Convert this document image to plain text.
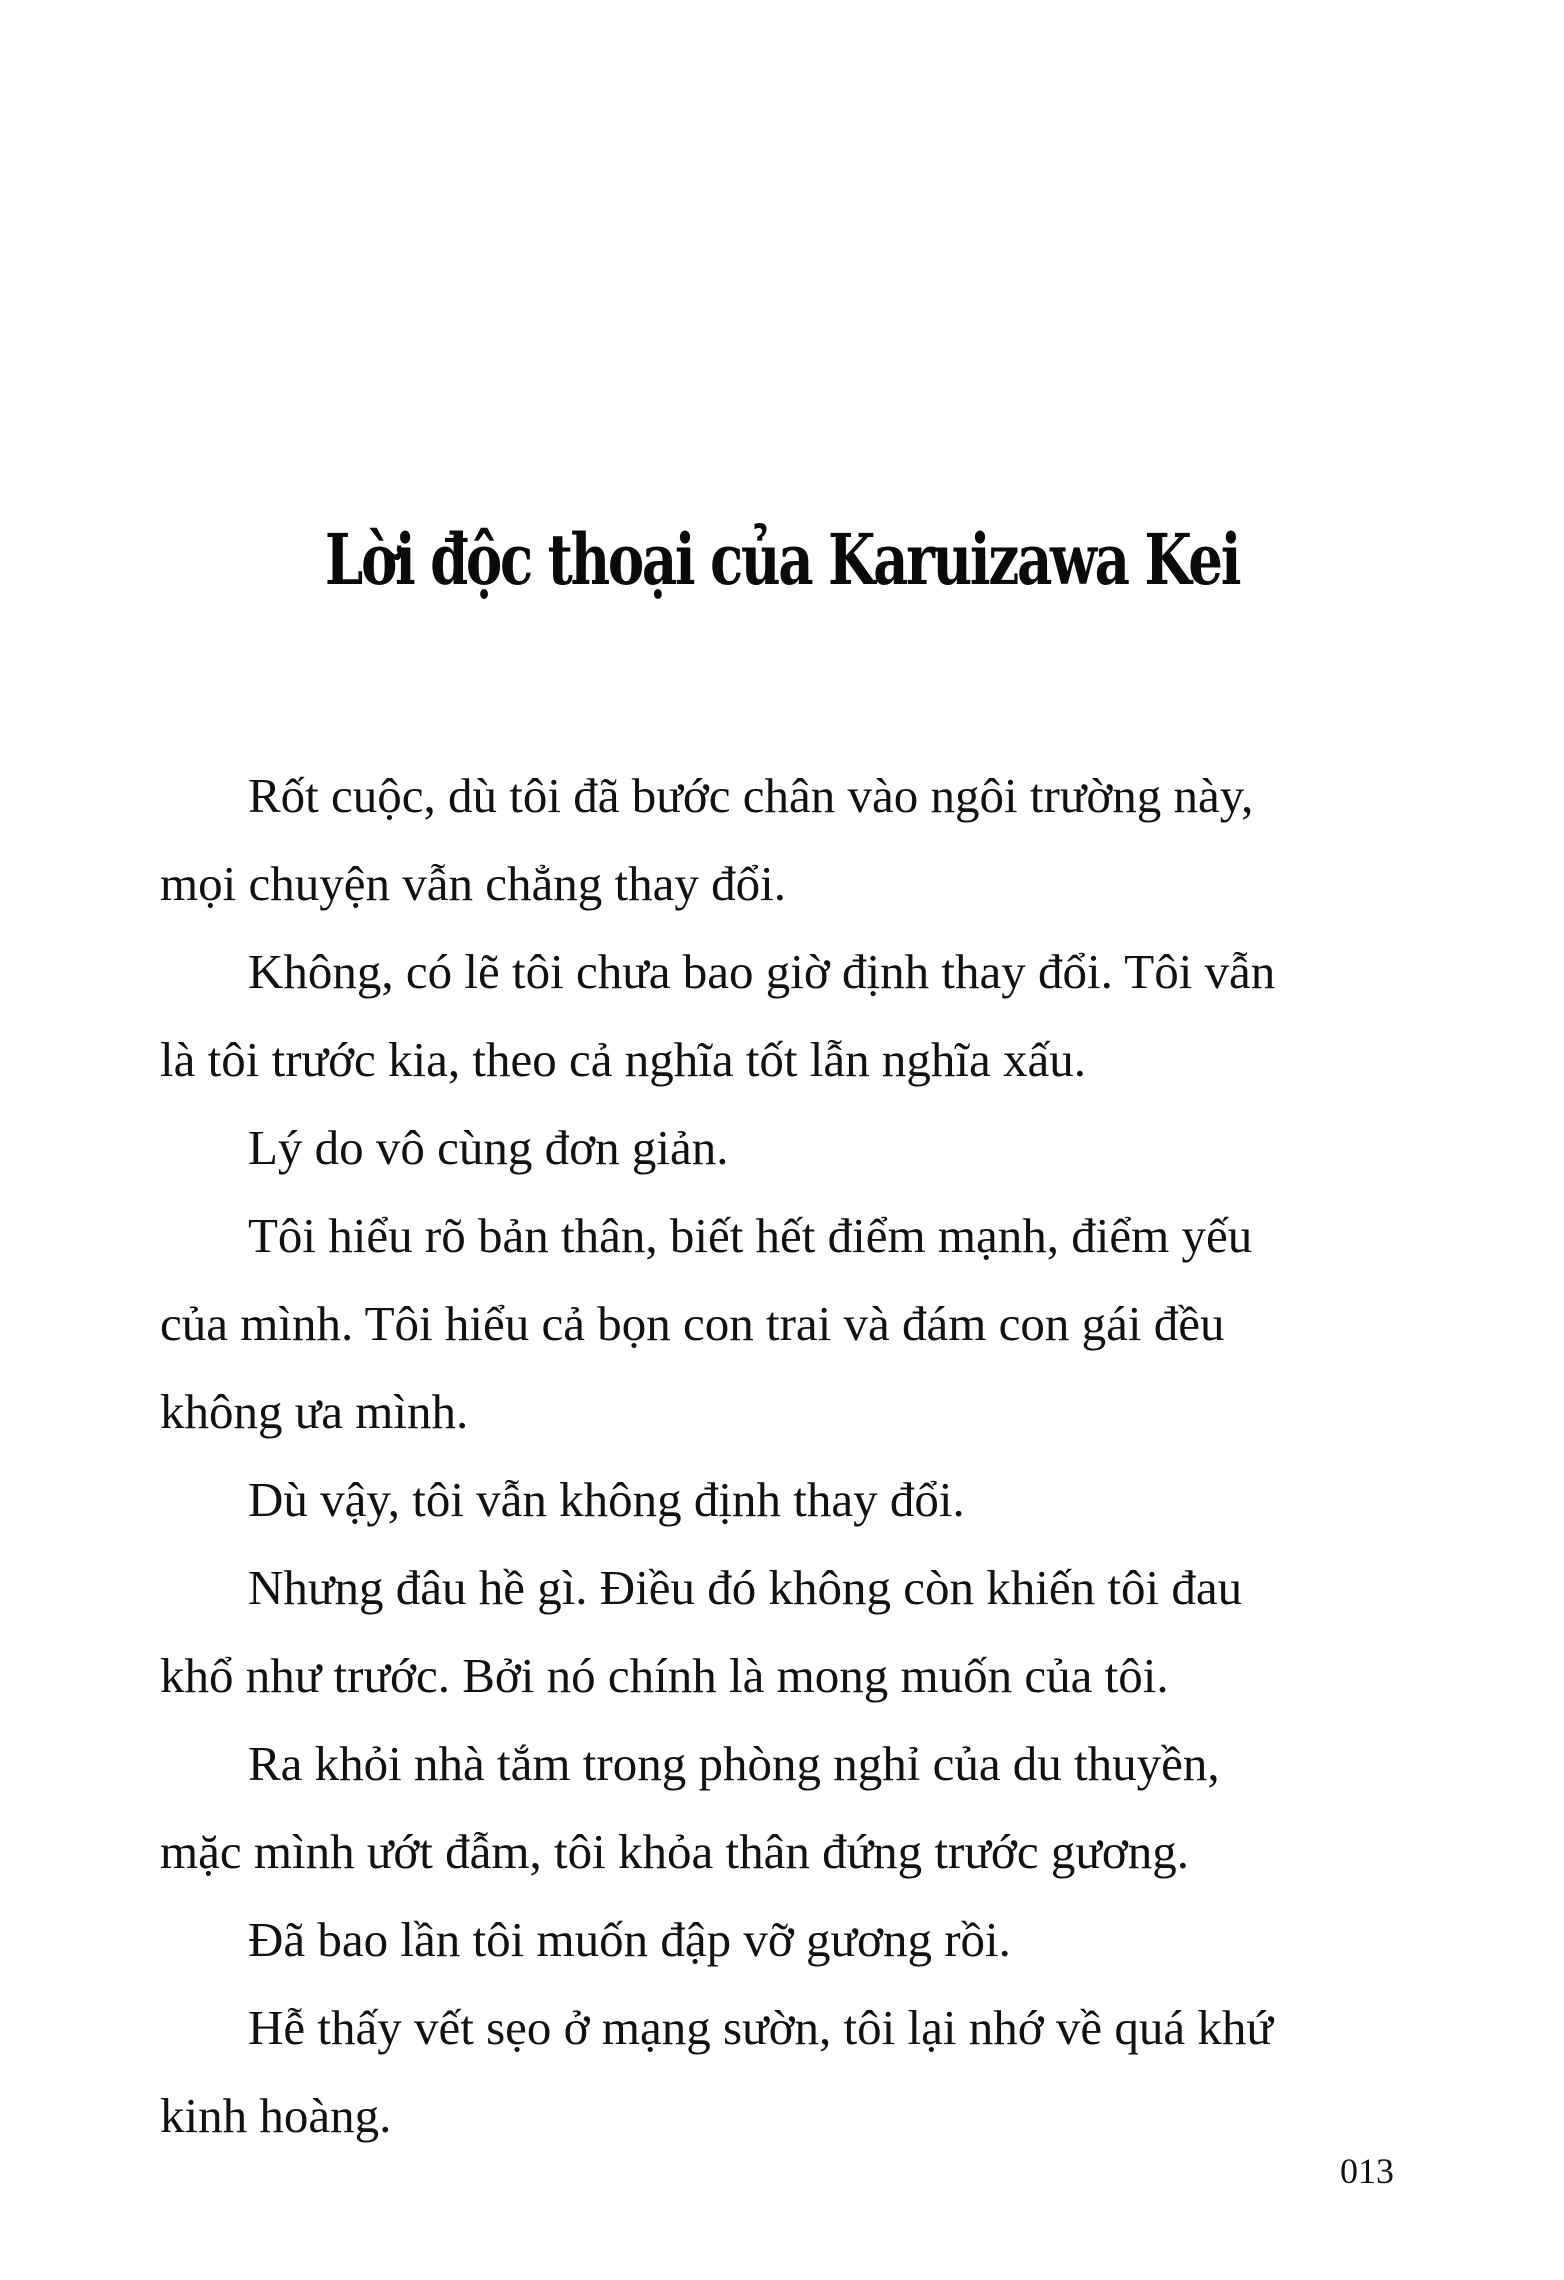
Lời độc thoại của Karuizawa Kei
Rốt cuộc, dù tôi đã bước chân vào ngôi trường này,
mọi chuyện vẫn chẳng thay đổi.
Không, có lẽ tôi chưa bao giờ định thay đổi. Tôi vẫn
là tôi trước kia, theo cả nghĩa tốt lẫn nghĩa xấu.
Lý do vô cùng đơn giản.
Tôi hiểu rõ bản thân, biết hết điểm mạnh, điểm yếu
của mình. Tôi hiểu cả bọn con trai và đám con gái đều
không ưa mình.
Dù vậy, tôi vẫn không định thay đổi.
Nhưng đâu hề gì. Điều đó không còn khiến tôi đau
khổ như trước. Bởi nó chính là mong muốn của tôi.
Ra khỏi nhà tắm trong phòng nghỉ của du thuyền,
mặc mình ướt đẫm, tôi khỏa thân đứng trước gương.
Đã bao lần tôi muốn đập vỡ gương rồi.
Hễ thấy vết sẹo ở mạng sườn, tôi lại nhớ về quá khứ
kinh hoàng.
013
